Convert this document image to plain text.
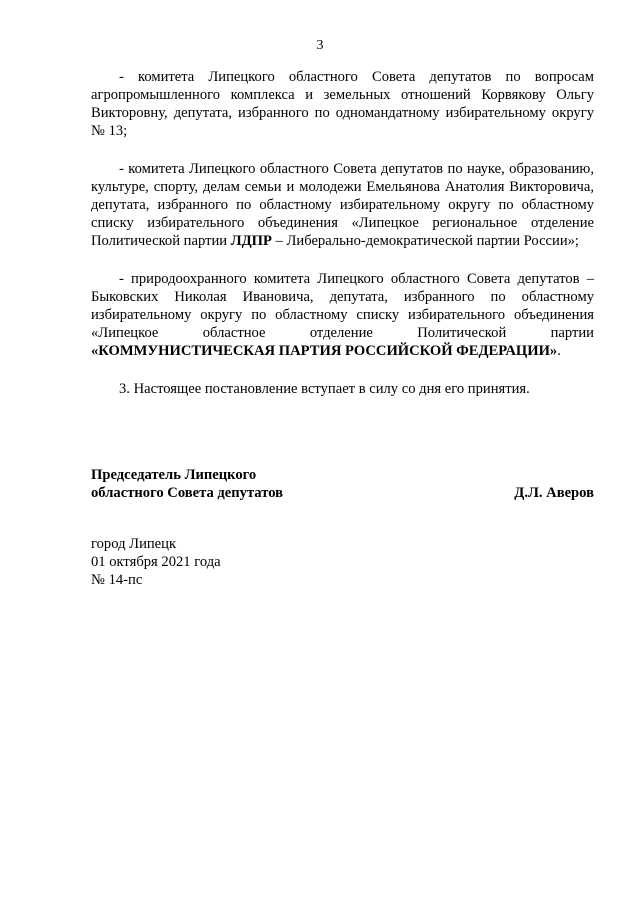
3

- комитета Липецкого областного Совета депутатов по вопросам агропромышленного комплекса и земельных отношений Корвякову Ольгу Викторовну, депутата, избранного по одномандатному избирательному округу № 13;

- комитета Липецкого областного Совета депутатов по науке, образованию, культуре, спорту, делам семьи и молодежи Емельянова Анатолия Викторовича, депутата, избранного по областному избирательному округу по областному списку избирательного объединения «Липецкое региональное отделение Политической партии ЛДПР – Либерально-демократической партии России»;

- природоохранного комитета Липецкого областного Совета депутатов – Быковских Николая Ивановича, депутата, избранного по областному избирательному округу по областному списку избирательного объединения «Липецкое областное отделение Политической партии «КОММУНИСТИЧЕСКАЯ ПАРТИЯ РОССИЙСКОЙ ФЕДЕРАЦИИ».

3. Настоящее постановление вступает в силу со дня его принятия.

Председатель Липецкого
областного Совета депутатов	Д.Л. Аверов
город Липецк
01 октября 2021 года
№ 14-пс
